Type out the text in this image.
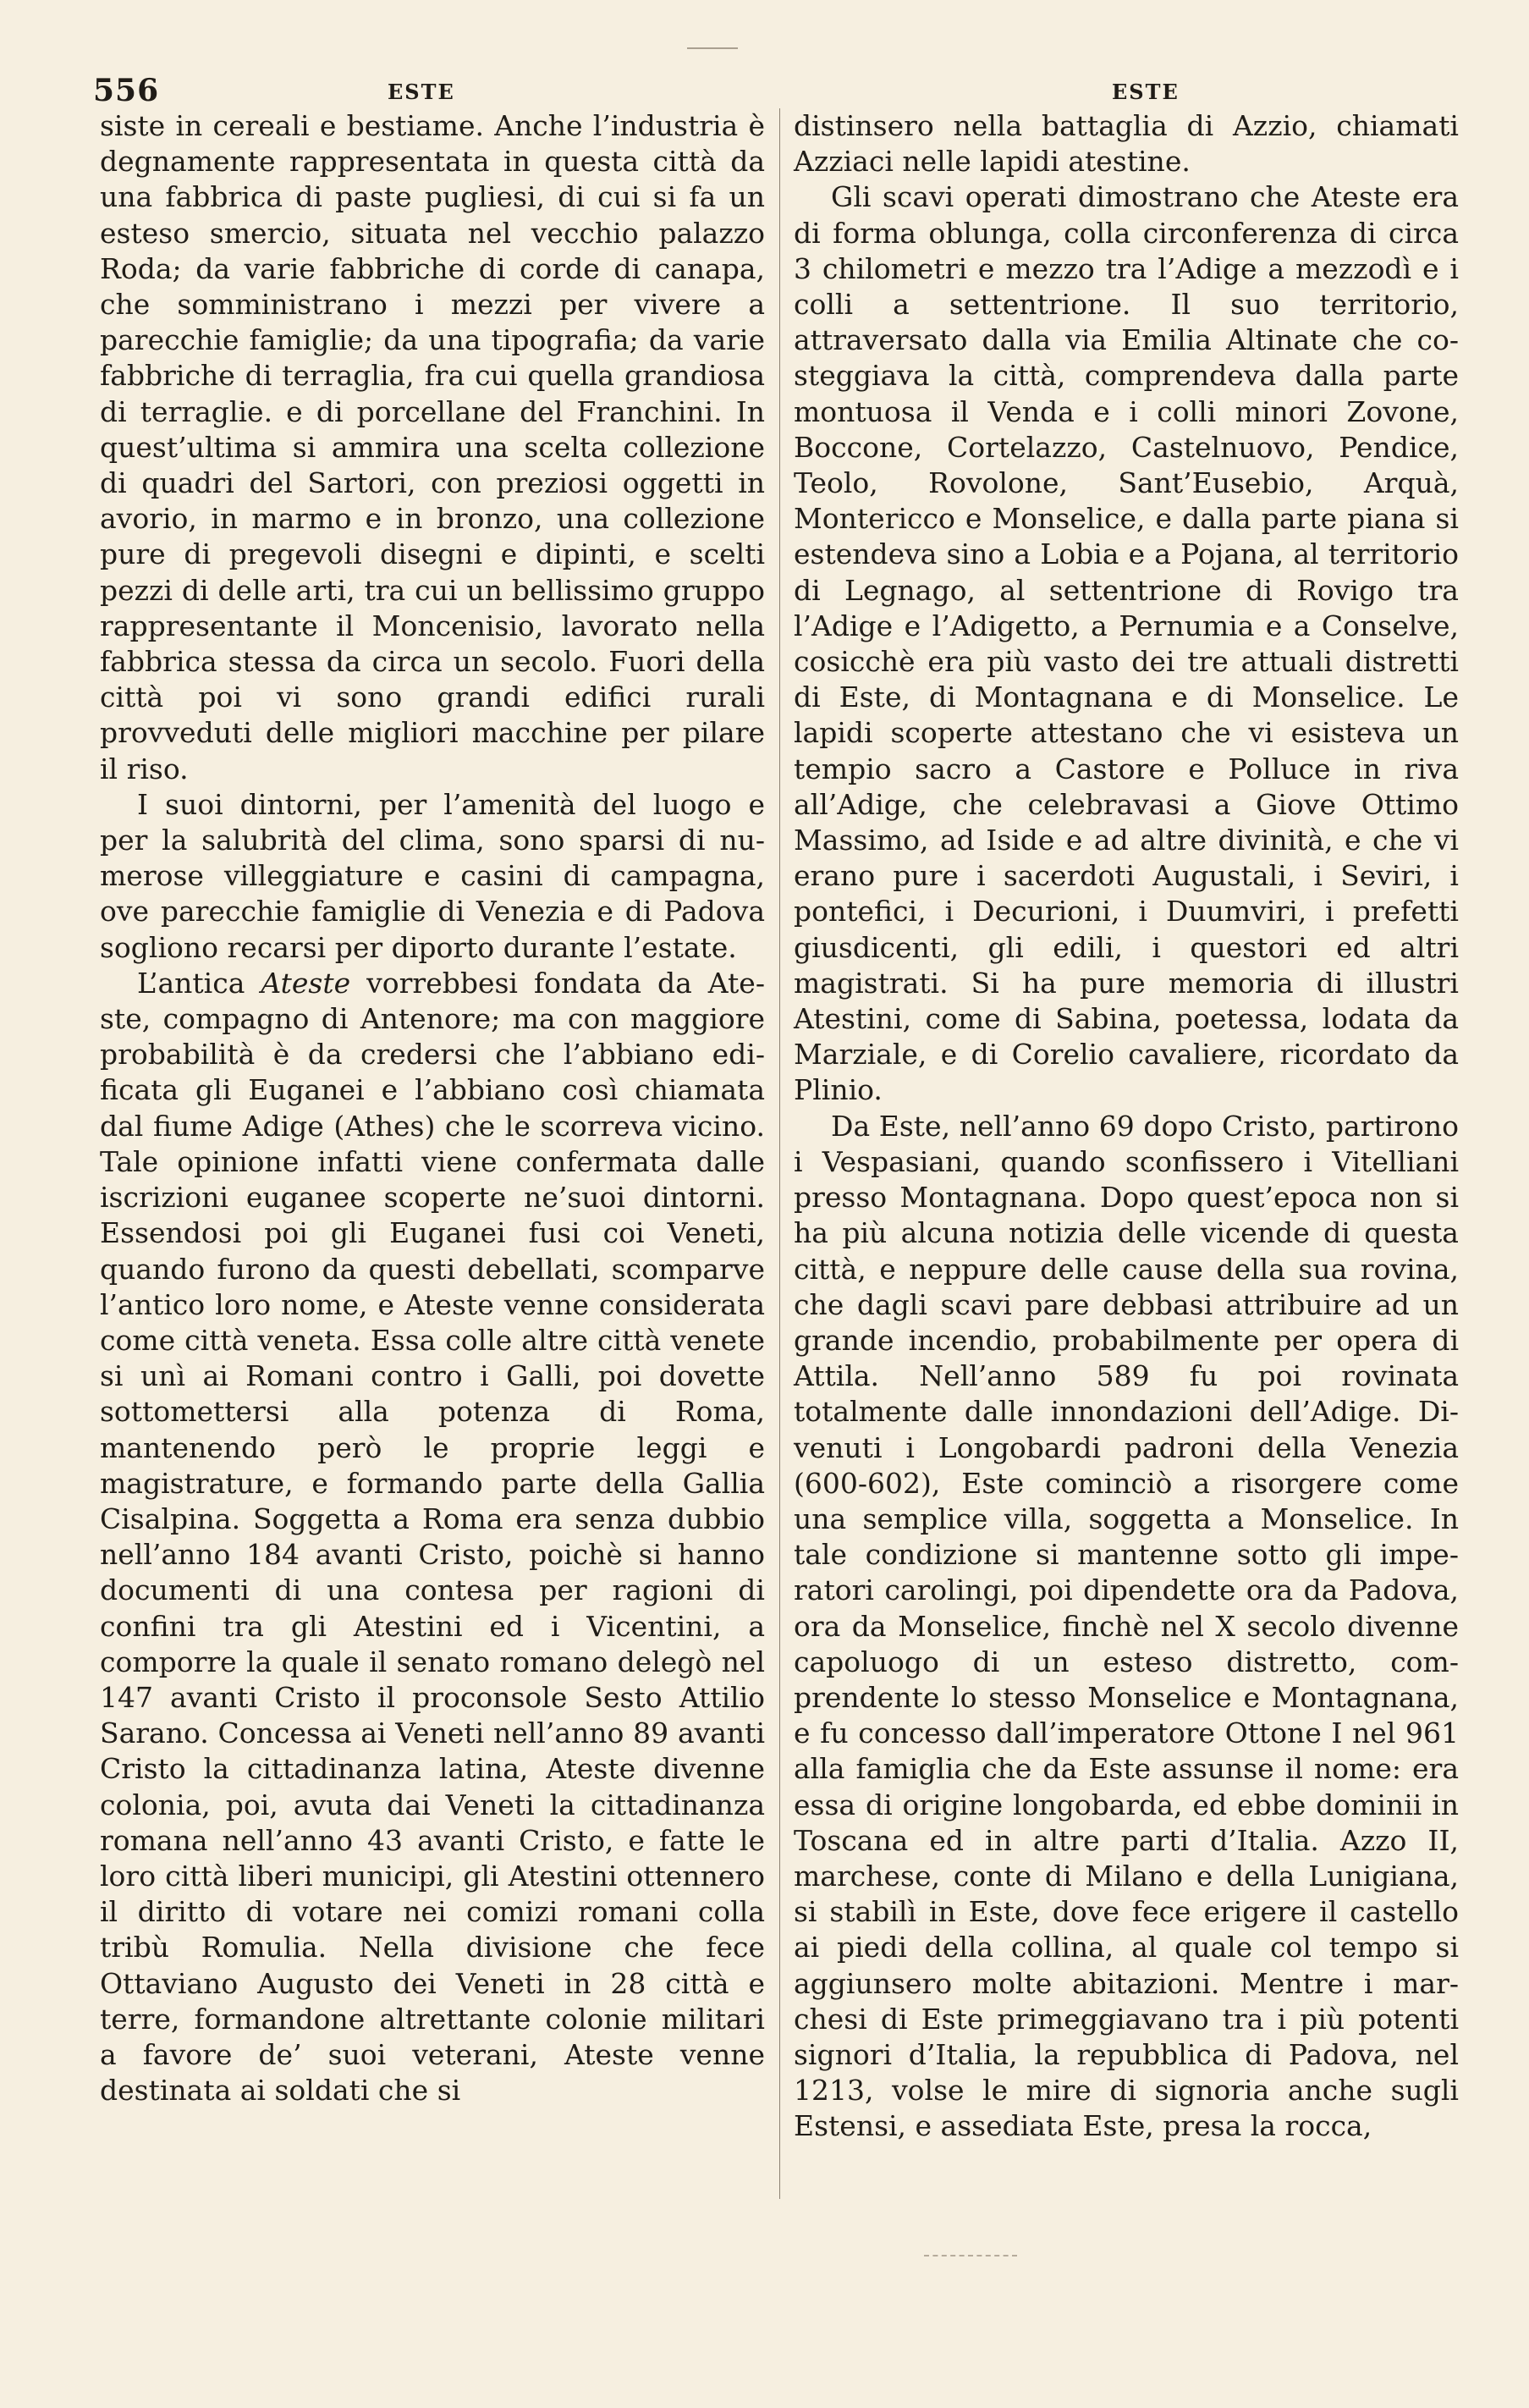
556	ESTE	ESTE

siste in cereali e bestiame. Anche l’industria è degnamente rappresentata in questa città da una fabbrica di paste pugliesi, di cui si fa un esteso smercio, situata nel vecchio palazzo Roda; da varie fabbriche di corde di canapa, che somministrano i mezzi per vivere a parecchie famiglie; da una tipografia; da varie fabbriche di terraglia, fra cui quella grandiosa di terraglie. e di porcellane del Franchini. In quest’ultima si ammira una scelta collezione di quadri del Sartori, con preziosi oggetti in avorio, in marmo e in bronzo, una collezione pure di pregevoli disegni e dipinti, e scelti pezzi di delle arti, tra cui un bellissimo gruppo rappresentante il Moncenisio, lavorato nella fabbrica stessa da circa un secolo. Fuori della città poi vi sono grandi edifici rurali provveduti delle migliori macchine per pilare il riso.

I suoi dintorni, per l’amenità del luogo e per la salubrità del clima, sono sparsi di numerose villeggiature e casini di campagna, ove parecchie famiglie di Venezia e di Padova sogliono recarsi per diporto durante l’estate.

L’antica Ateste vorrebbesi fondata da Ateste, compagno di Antenore; ma con maggiore probabilità è da credersi che l’abbiano edificata gli Euganei e l’abbiano così chiamata dal fiume Adige (Athes) che le scorreva vicino. Tale opinione infatti viene confermata dalle iscrizioni euganee scoperte ne’suoi dintorni. Essendosi poi gli Euganei fusi coi Veneti, quando furono da questi debellati, scomparve l’antico loro nome, e Ateste venne considerata come città veneta. Essa colle altre città venete si unì ai Romani contro i Galli, poi dovette sottomettersi alla potenza di Roma, mantenendo però le proprie leggi e magistrature, e formando parte della Gallia Cisalpina. Soggetta a Roma era senza dubbio nell’anno 184 avanti Cristo, poichè si hanno documenti di una contesa per ragioni di confini tra gli Atestini ed i Vicentini, a comporre la quale il senato romano delegò nel 147 avanti Cristo il proconsole Sesto Attilio Sarano. Concessa ai Veneti nell’anno 89 avanti Cristo la cittadinanza latina, Ateste divenne colonia, poi, avuta dai Veneti la cittadinanza romana nell’anno 43 avanti Cristo, e fatte le loro città liberi municipi, gli Atestini ottennero il diritto di votare nei comizi romani colla tribù Romulia. Nella divisione che fece Ottaviano Augusto dei Veneti in 28 città e terre, formandone altrettante colonie militari a favore de’ suoi veterani, Ateste venne destinata ai soldati che si

distinsero nella battaglia di Azzio, chiamati Azziaci nelle lapidi atestine.

Gli scavi operati dimostrano che Ateste era di forma oblunga, colla circonferenza di circa 3 chilometri e mezzo tra l’Adige a mezzodì e i colli a settentrione. Il suo territorio, attraversato dalla via Emilia Altinate che costeggiava la città, comprendeva dalla parte montuosa il Venda e i colli minori Zovone, Boccone, Cortelazzo, Castelnuovo, Pendice, Teolo, Rovolone, Sant’Eusebio, Arquà, Montericco e Monselice, e dalla parte piana si estendeva sino a Lobia e a Pojana, al territorio di Legnago, al settentrione di Rovigo tra l’Adige e l’Adigetto, a Pernumia e a Conselve, cosicchè era più vasto dei tre attuali distretti di Este, di Montagnana e di Monselice. Le lapidi scoperte attestano che vi esisteva un tempio sacro a Castore e Polluce in riva all’Adige, che celebravasi a Giove Ottimo Massimo, ad Iside e ad altre divinità, e che vi erano pure i sacerdoti Augustali, i Seviri, i pontefici, i Decurioni, i Duumviri, i prefetti giusdicenti, gli edili, i questori ed altri magistrati. Si ha pure memoria di illustri Atestini, come di Sabina, poetessa, lodata da Marziale, e di Corelio cavaliere, ricordato da Plinio.

Da Este, nell’anno 69 dopo Cristo, partirono i Vespasiani, quando sconfissero i Vitelliani presso Montagnana. Dopo quest’epoca non si ha più alcuna notizia delle vicende di questa città, e neppure delle cause della sua rovina, che dagli scavi pare debbasi attribuire ad un grande incendio, probabilmente per opera di Attila. Nell’anno 589 fu poi rovinata totalmente dalle innondazioni dell’Adige. Divenuti i Longobardi padroni della Venezia (600-602), Este cominciò a risorgere come una semplice villa, soggetta a Monselice. In tale condizione si mantenne sotto gli imperatori carolingi, poi dipendette ora da Padova, ora da Monselice, finchè nel X secolo divenne capoluogo di un esteso distretto, comprendente lo stesso Monselice e Montagnana, e fu concesso dall’imperatore Ottone I nel 961 alla famiglia che da Este assunse il nome: era essa di origine longobarda, ed ebbe dominii in Toscana ed in altre parti d’Italia. Azzo II, marchese, conte di Milano e della Lunigiana, si stabilì in Este, dove fece erigere il castello ai piedi della collina, al quale col tempo si aggiunsero molte abitazioni. Mentre i marchesi di Este primeggiavano tra i più potenti signori d’Italia, la repubblica di Padova, nel 1213, volse le mire di signoria anche sugli Estensi, e assediata Este, presa la rocca,
